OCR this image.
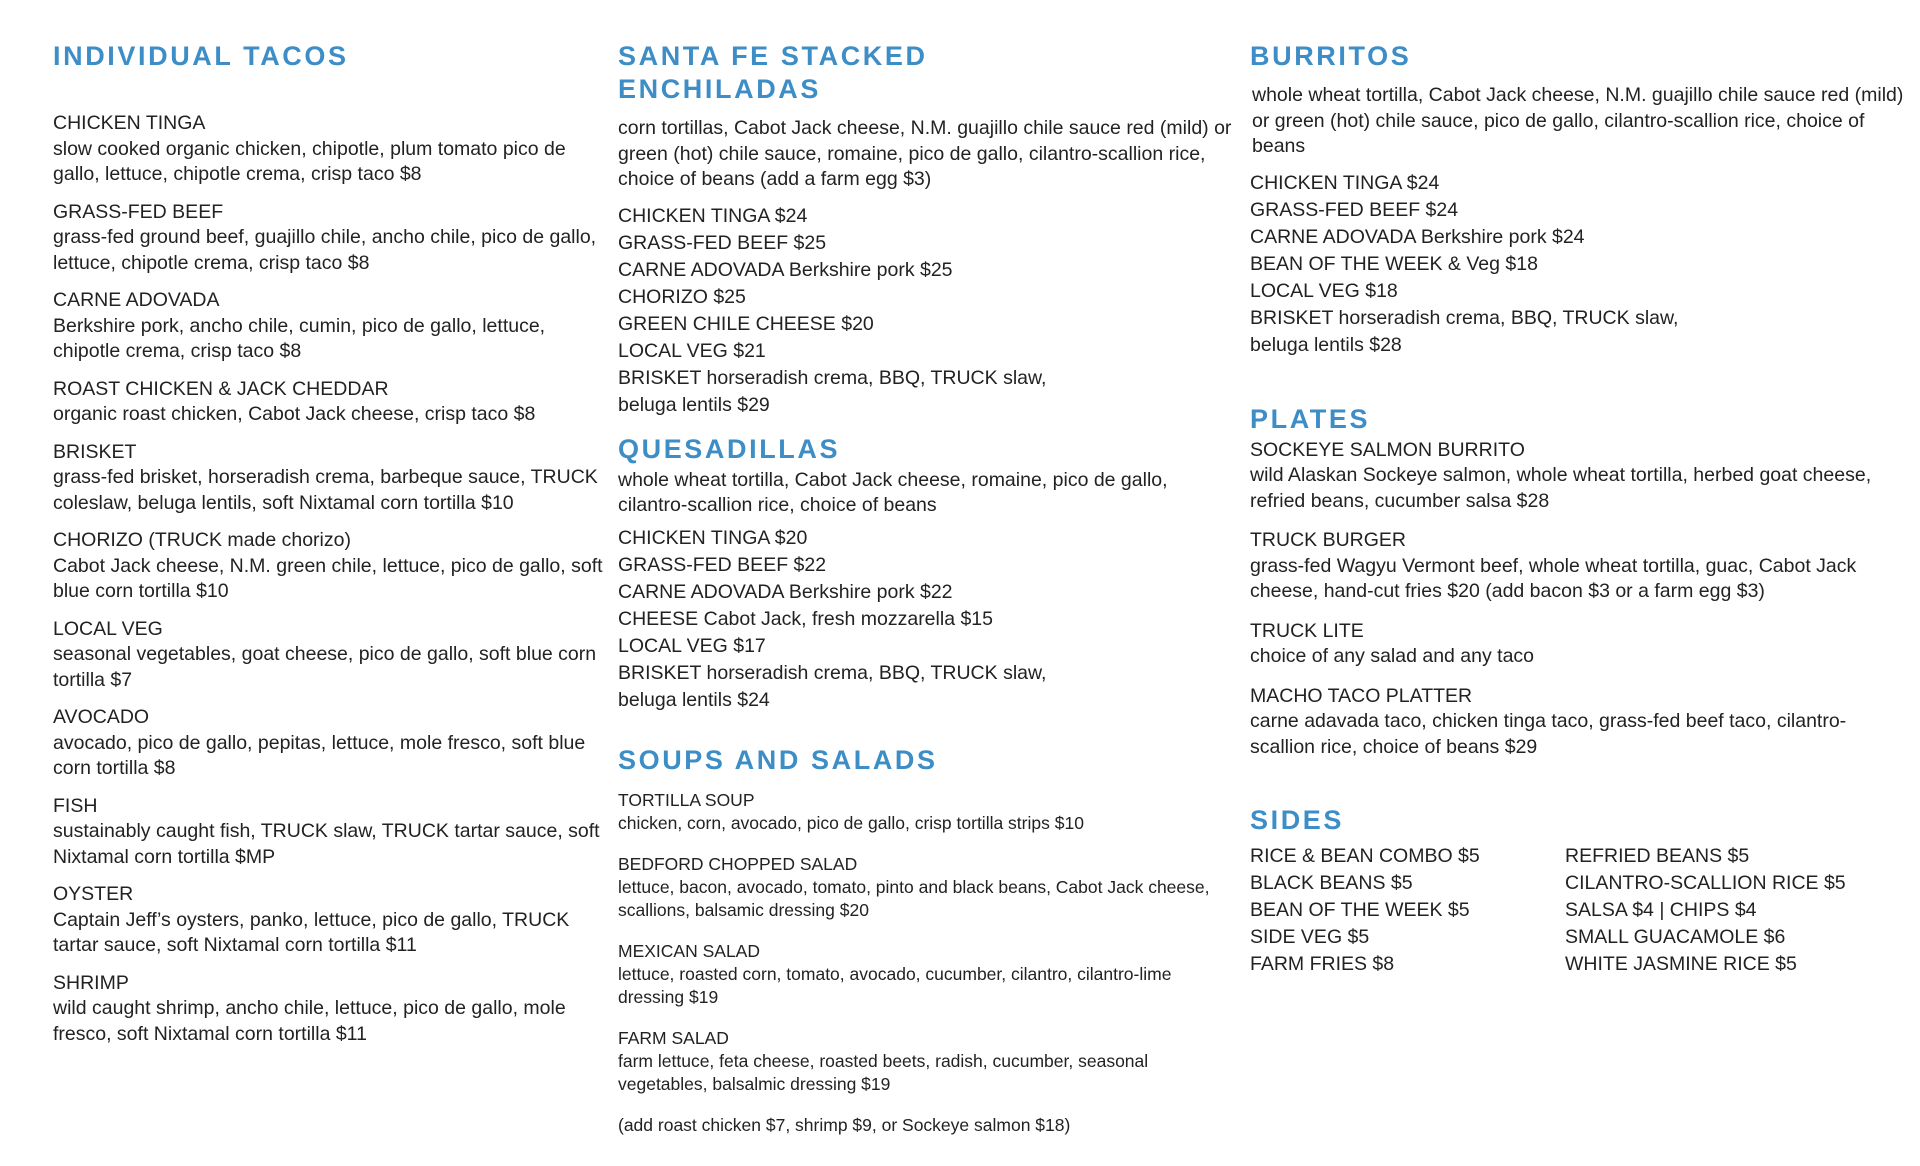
INDIVIDUAL TACOS
CHICKEN TINGA
slow cooked organic chicken, chipotle, plum tomato pico de gallo, lettuce, chipotle crema, crisp taco $8
GRASS-FED BEEF
grass-fed ground beef, guajillo chile, ancho chile, pico de gallo, lettuce, chipotle crema, crisp taco $8
CARNE ADOVADA
Berkshire pork, ancho chile, cumin, pico de gallo, lettuce, chipotle crema, crisp taco $8
ROAST CHICKEN & JACK CHEDDAR
organic roast chicken, Cabot Jack cheese, crisp taco $8
BRISKET
grass-fed brisket, horseradish crema, barbeque sauce, TRUCK coleslaw, beluga lentils, soft Nixtamal corn tortilla $10
CHORIZO (TRUCK made chorizo)
Cabot Jack cheese, N.M. green chile, lettuce, pico de gallo, soft blue corn tortilla $10
LOCAL VEG
seasonal vegetables, goat cheese, pico de gallo, soft blue corn tortilla $7
AVOCADO
avocado, pico de gallo, pepitas, lettuce, mole fresco, soft blue corn tortilla $8
FISH
sustainably caught fish, TRUCK slaw, TRUCK tartar sauce, soft Nixtamal corn tortilla $MP
OYSTER
Captain Jeff’s oysters, panko, lettuce, pico de gallo, TRUCK tartar sauce, soft Nixtamal corn tortilla $11
SHRIMP
wild caught shrimp, ancho chile, lettuce, pico de gallo, mole fresco, soft Nixtamal corn tortilla $11
SANTA FE STACKED
ENCHILADAS
corn tortillas, Cabot Jack cheese, N.M. guajillo chile sauce red (mild) or green (hot) chile sauce, romaine, pico de gallo, cilantro-scallion rice, choice of beans (add a farm egg $3)
CHICKEN TINGA $24
GRASS-FED BEEF $25
CARNE ADOVADA Berkshire pork $25
CHORIZO $25
GREEN CHILE CHEESE $20
LOCAL VEG $21
BRISKET horseradish crema, BBQ, TRUCK slaw,
beluga lentils $29
QUESADILLAS
whole wheat tortilla, Cabot Jack cheese, romaine, pico de gallo, cilantro-scallion rice, choice of beans
CHICKEN TINGA $20
GRASS-FED BEEF $22
CARNE ADOVADA Berkshire pork $22
CHEESE Cabot Jack, fresh mozzarella $15
LOCAL VEG $17
BRISKET horseradish crema, BBQ, TRUCK slaw,
beluga lentils $24
SOUPS AND SALADS
TORTILLA SOUP
chicken, corn, avocado, pico de gallo, crisp tortilla strips $10
BEDFORD CHOPPED SALAD
lettuce, bacon, avocado, tomato, pinto and black beans, Cabot Jack cheese, scallions, balsamic dressing $20
MEXICAN SALAD
lettuce, roasted corn, tomato, avocado, cucumber, cilantro, cilantro-lime dressing $19
FARM SALAD
farm lettuce, feta cheese, roasted beets, radish, cucumber, seasonal vegetables, balsalmic dressing $19
(add roast chicken $7, shrimp $9, or Sockeye salmon $18)
BURRITOS
whole wheat tortilla, Cabot Jack cheese, N.M. guajillo chile sauce red (mild) or green (hot) chile sauce, pico de gallo, cilantro-scallion rice, choice of beans
CHICKEN TINGA $24
GRASS-FED BEEF $24
CARNE ADOVADA Berkshire pork $24
BEAN OF THE WEEK & Veg $18
LOCAL VEG $18
BRISKET horseradish crema, BBQ, TRUCK slaw,
beluga lentils $28
PLATES
SOCKEYE SALMON BURRITO
wild Alaskan Sockeye salmon, whole wheat tortilla, herbed goat cheese, refried beans, cucumber salsa $28
TRUCK BURGER
grass-fed Wagyu Vermont beef, whole wheat tortilla, guac, Cabot Jack cheese, hand-cut fries $20 (add bacon $3 or a farm egg $3)
TRUCK LITE
choice of any salad and any taco
MACHO TACO PLATTER
carne adavada taco, chicken tinga taco, grass-fed beef taco, cilantro-scallion rice, choice of beans $29
SIDES
RICE & BEAN COMBO $5
BLACK BEANS $5
BEAN OF THE WEEK $5
SIDE VEG $5
FARM FRIES $8
REFRIED BEANS $5
CILANTRO-SCALLION RICE $5
SALSA $4 | CHIPS $4
SMALL GUACAMOLE $6
WHITE JASMINE RICE $5
